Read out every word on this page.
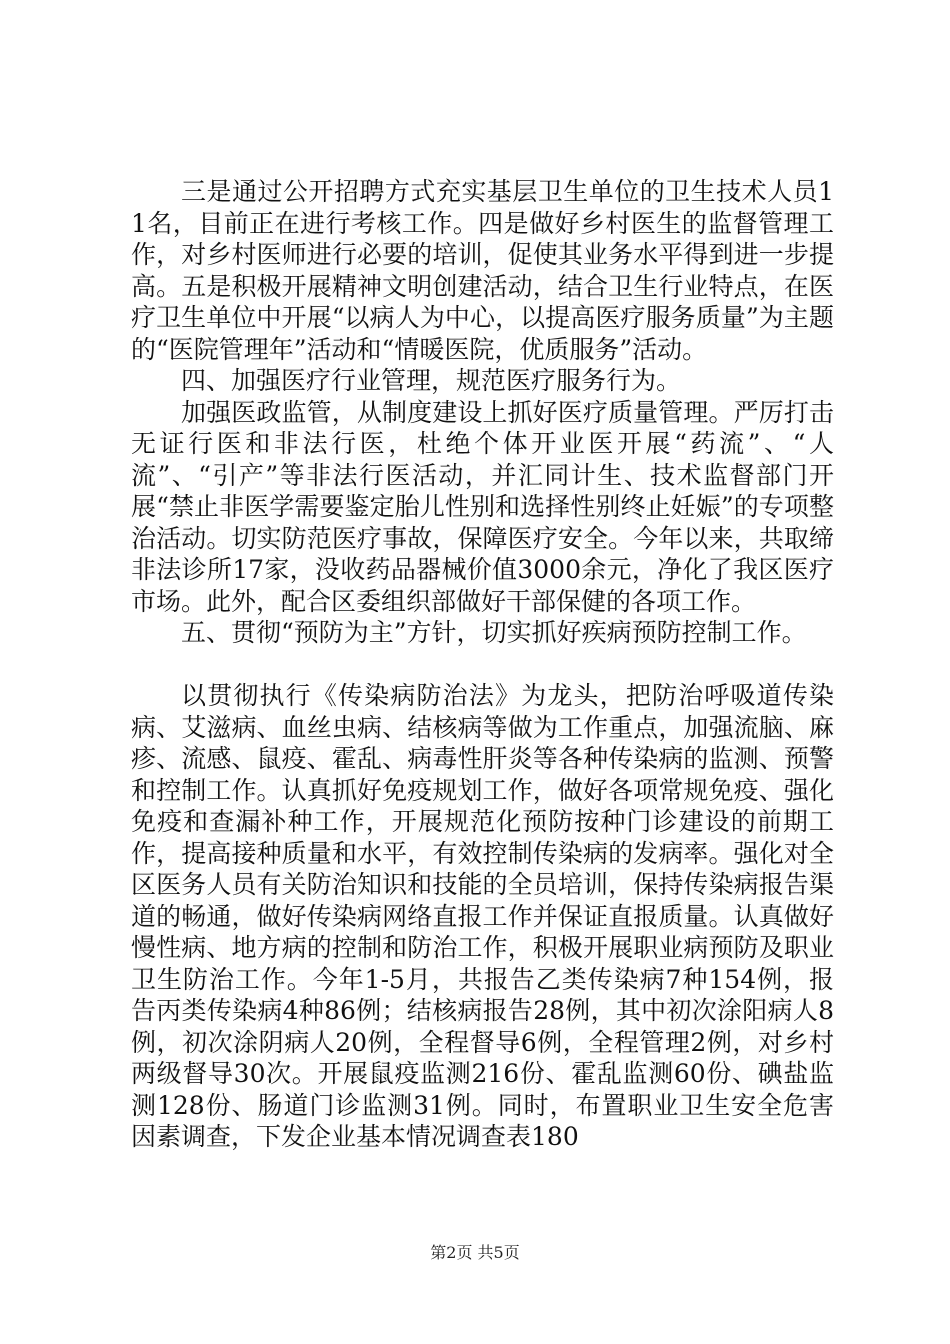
三是通过公开招聘方式充实基层卫生单位的卫生技术人员11名，目前正在进行考核工作。四是做好乡村医生的监督管理工作，对乡村医师进行必要的培训，促使其业务水平得到进一步提高。五是积极开展精神文明创建活动，结合卫生行业特点，在医疗卫生单位中开展“以病人为中心，以提高医疗服务质量”为主题的“医院管理年”活动和“情暖医院，优质服务”活动。

四、加强医疗行业管理，规范医疗服务行为。

加强医政监管，从制度建设上抓好医疗质量管理。严厉打击无证行医和非法行医，杜绝个体开业医开展“药流”、“人流”、“引产”等非法行医活动，并汇同计生、技术监督部门开展“禁止非医学需要鉴定胎儿性别和选择性别终止妊娠”的专项整治活动。切实防范医疗事故，保障医疗安全。今年以来，共取缔非法诊所17家，没收药品器械价值3000余元，净化了我区医疗市场。此外，配合区委组织部做好干部保健的各项工作。

五、贯彻“预防为主”方针，切实抓好疾病预防控制工作。

以贯彻执行《传染病防治法》为龙头，把防治呼吸道传染病、艾滋病、血丝虫病、结核病等做为工作重点，加强流脑、麻疹、流感、鼠疫、霍乱、病毒性肝炎等各种传染病的监测、预警和控制工作。认真抓好免疫规划工作，做好各项常规免疫、强化免疫和查漏补种工作，开展规范化预防按种门诊建设的前期工作，提高接种质量和水平，有效控制传染病的发病率。强化对全区医务人员有关防治知识和技能的全员培训，保持传染病报告渠道的畅通，做好传染病网络直报工作并保证直报质量。认真做好慢性病、地方病的控制和防治工作，积极开展职业病预防及职业卫生防治工作。今年1-5月，共报告乙类传染病7种154例，报告丙类传染病4种86例；结核病报告28例，其中初次涂阳病人8例，初次涂阴病人20例，全程督导6例，全程管理2例，对乡村两级督导30次。开展鼠疫监测216份、霍乱监测60份、碘盐监测128份、肠道门诊监测31例。同时，布置职业卫生安全危害因素调查，下发企业基本情况调查表180

第2页 共5页
